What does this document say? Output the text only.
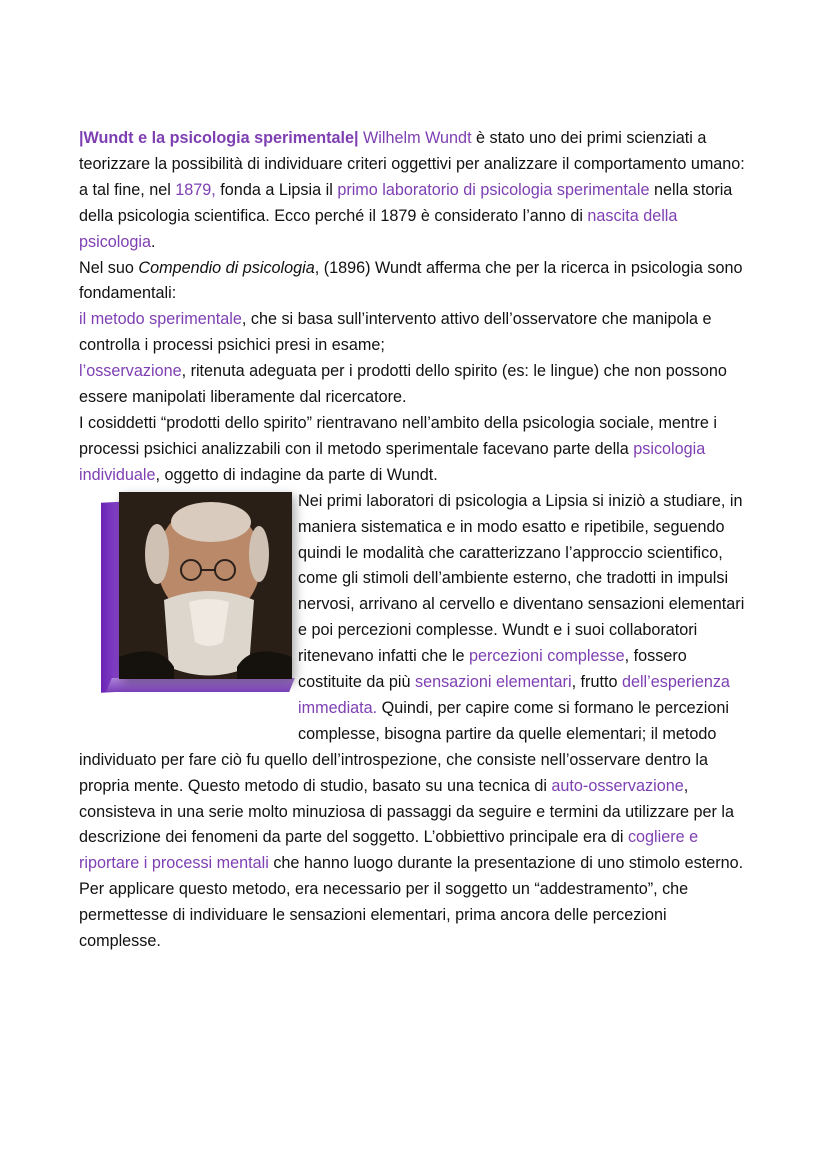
|Wundt e la psicologia sperimentale| Wilhelm Wundt è stato uno dei primi scienziati a teorizzare la possibilità di individuare criteri oggettivi per analizzare il comportamento umano: a tal fine, nel 1879, fonda a Lipsia il primo laboratorio di psicologia sperimentale nella storia della psicologia scientifica. Ecco perché il 1879 è considerato l’anno di nascita della psicologia.

Nel suo Compendio di psicologia, (1896) Wundt afferma che per la ricerca in psicologia sono fondamentali:

il metodo sperimentale, che si basa sull’intervento attivo dell’osservatore che manipola e controlla i processi psichici presi in esame;

l’osservazione, ritenuta adeguata per i prodotti dello spirito (es: le lingue) che non possono essere manipolati liberamente dal ricercatore.

I cosiddetti “prodotti dello spirito” rientravano nell’ambito della psicologia sociale, mentre i processi psichici analizzabili con il metodo sperimentale facevano parte della psicologia individuale, oggetto di indagine da parte di Wundt.

Nei primi laboratori di psicologia a Lipsia si iniziò a studiare, in maniera sistematica e in modo esatto e ripetibile, seguendo quindi le modalità che caratterizzano l’approccio scientifico, come gli stimoli dell’ambiente esterno, che tradotti in impulsi nervosi, arrivano al cervello e diventano sensazioni elementari e poi percezioni complesse. Wundt e i suoi collaboratori ritenevano infatti che le percezioni complesse, fossero costituite da più sensazioni elementari, frutto dell’esperienza immediata. Quindi, per capire come si formano le percezioni complesse, bisogna partire da quelle elementari; il metodo individuato per fare ciò fu quello dell’introspezione, che consiste nell’osservare dentro la propria mente. Questo metodo di studio, basato su una tecnica di auto-osservazione, consisteva in una serie molto minuziosa di passaggi da seguire e termini da utilizzare per la descrizione dei fenomeni da parte del soggetto. L’obbiettivo principale era di cogliere e riportare i processi mentali che hanno luogo durante la presentazione di uno stimolo esterno. Per applicare questo metodo, era necessario per il soggetto un “addestramento”, che permettesse di individuare le sensazioni elementari, prima ancora delle percezioni complesse.
